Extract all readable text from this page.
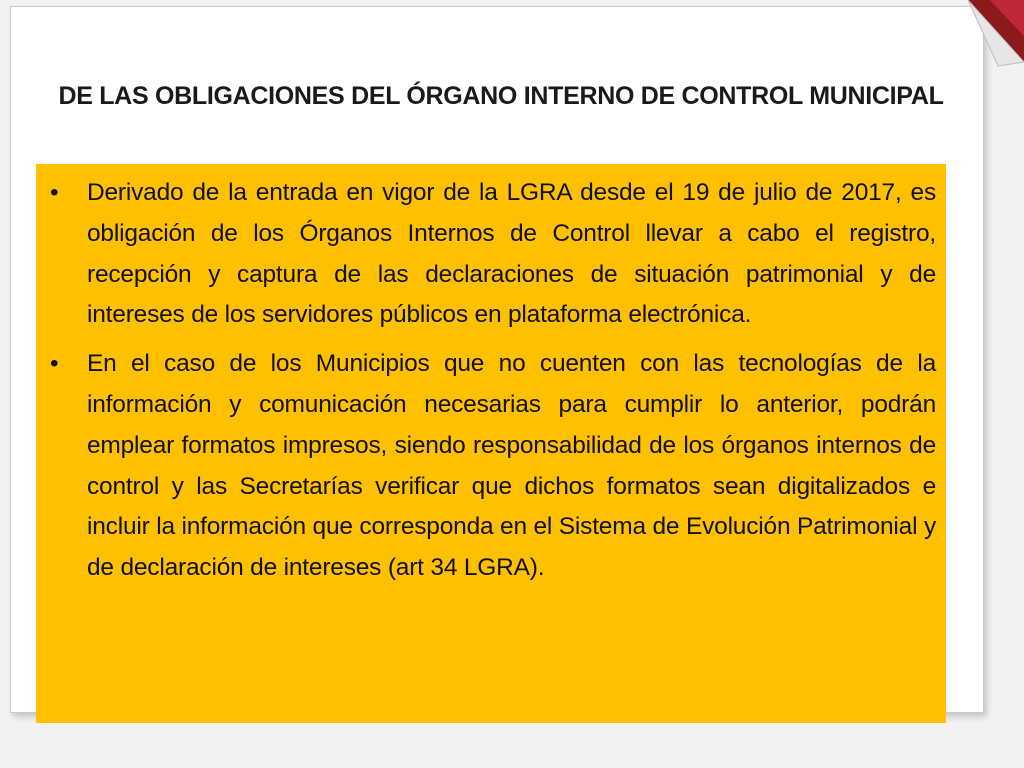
DE LAS OBLIGACIONES DEL ÓRGANO INTERNO DE CONTROL MUNICIPAL
•	Derivado de la entrada en vigor de la LGRA desde el 19 de julio de 2017, es obligación de los Órganos Internos de Control llevar a cabo el registro, recepción y captura de las declaraciones de situación patrimonial y de intereses de los servidores públicos en plataforma electrónica.
•	En el caso de los Municipios que no cuenten con las tecnologías de la información y comunicación necesarias para cumplir lo anterior, podrán emplear formatos impresos, siendo responsabilidad de los órganos internos de control y las Secretarías verificar que dichos formatos sean digitalizados e incluir la información que corresponda en el Sistema de Evolución Patrimonial y de declaración de intereses (art 34 LGRA).
